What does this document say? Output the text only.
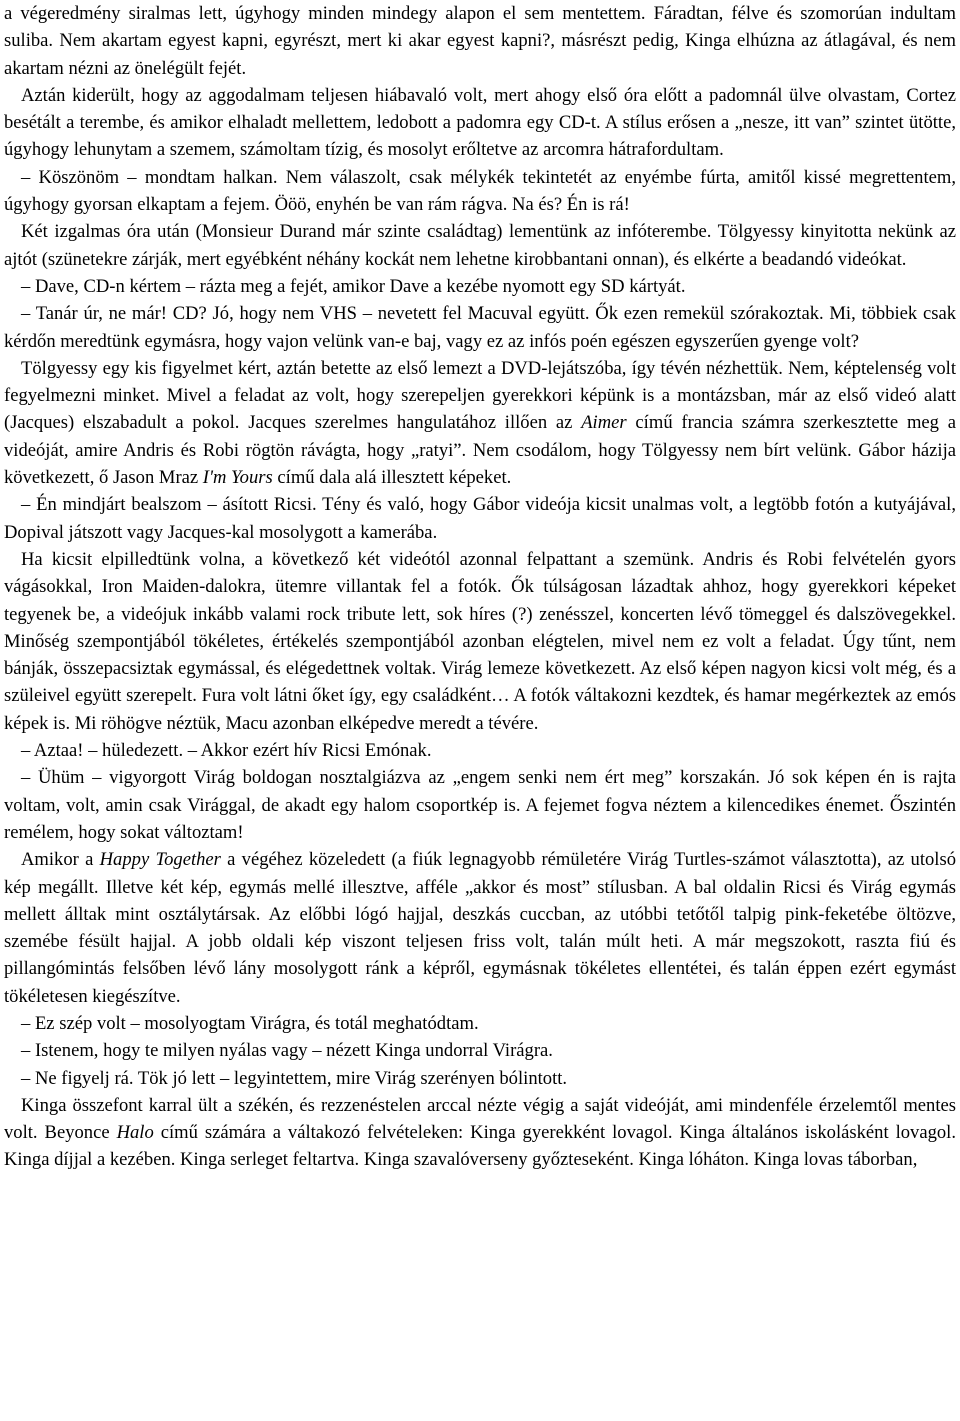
a végeredmény siralmas lett, úgyhogy minden mindegy alapon el sem mentettem. Fáradtan, félve és szomorúan indultam suliba. Nem akartam egyest kapni, egyrészt, mert ki akar egyest kapni?, másrészt pedig, Kinga elhúzna az átlagával, és nem akartam nézni az önelégült fejét.

Aztán kiderült, hogy az aggodalmam teljesen hiábavaló volt, mert ahogy első óra előtt a padomnál ülve olvastam, Cortez besétált a terembe, és amikor elhaladt mellettem, ledobott a padomra egy CD-t. A stílus erősen a „nesze, itt van” szintet ütötte, úgyhogy lehunytam a szemem, számoltam tízig, és mosolyt erőltetve az arcomra hátrafordultam.

– Köszönöm – mondtam halkan. Nem válaszolt, csak mélykék tekintetét az enyémbe fúrta, amitől kissé megrettentem, úgyhogy gyorsan elkaptam a fejem. Ööö, enyhén be van rám rágva. Na és? Én is rá!

Két izgalmas óra után (Monsieur Durand már szinte családtag) lementünk az infóterembe. Tölgyessy kinyitotta nekünk az ajtót (szünetekre zárják, mert egyébként néhány kockát nem lehetne kirobbantani onnan), és elkérte a beadandó videókat.

– Dave, CD-n kértem – rázta meg a fejét, amikor Dave a kezébe nyomott egy SD kártyát.

– Tanár úr, ne már! CD? Jó, hogy nem VHS – nevetett fel Macuval együtt. Ők ezen remekül szórakoztak. Mi, többiek csak kérdőn meredtünk egymásra, hogy vajon velünk van-e baj, vagy ez az infós poén egészen egyszerűen gyenge volt?

Tölgyessy egy kis figyelmet kért, aztán betette az első lemezt a DVD-lejátszóba, így tévén nézhettük. Nem, képtelenség volt fegyelmezni minket. Mivel a feladat az volt, hogy szerepeljen gyerekkori képünk is a montázsban, már az első videó alatt (Jacques) elszabadult a pokol. Jacques szerelmes hangulatához illően az Aimer című francia számra szerkesztette meg a videóját, amire Andris és Robi rögtön rávágta, hogy „ratyi”. Nem csodálom, hogy Tölgyessy nem bírt velünk. Gábor házija következett, ő Jason Mraz I'm Yours című dala alá illesztett képeket.

– Én mindjárt bealszom – ásított Ricsi. Tény és való, hogy Gábor videója kicsit unalmas volt, a legtöbb fotón a kutyájával, Dopival játszott vagy Jacques-kal mosolygott a kamerába.

Ha kicsit elpilledtünk volna, a következő két videótól azonnal felpattant a szemünk. Andris és Robi felvételén gyors vágásokkal, Iron Maiden-dalokra, ütemre villantak fel a fotók. Ők túlságosan lázadtak ahhoz, hogy gyerekkori képeket tegyenek be, a videójuk inkább valami rock tribute lett, sok híres (?) zenésszel, koncerten lévő tömeggel és dalszövegekkel. Minőség szempontjából tökéletes, értékelés szempontjából azonban elégtelen, mivel nem ez volt a feladat. Úgy tűnt, nem bánják, összepacsiztak egymással, és elégedettnek voltak. Virág lemeze következett. Az első képen nagyon kicsi volt még, és a szüleivel együtt szerepelt. Fura volt látni őket így, egy családként… A fotók váltakozni kezdtek, és hamar megérkeztek az emós képek is. Mi röhögve néztük, Macu azonban elképedve meredt a tévére.

– Aztaa! – hüledezett. – Akkor ezért hív Ricsi Emónak.

– Ühüm – vigyorgott Virág boldogan nosztalgiázva az „engem senki nem ért meg” korszakán. Jó sok képen én is rajta voltam, volt, amin csak Virággal, de akadt egy halom csoportkép is. A fejemet fogva néztem a kilencedikes énemet. Őszintén remélem, hogy sokat változtam!

Amikor a Happy Together a végéhez közeledett (a fiúk legnagyobb rémületére Virág Turtles-számot választotta), az utolsó kép megállt. Illetve két kép, egymás mellé illesztve, afféle „akkor és most” stílusban. A bal oldalin Ricsi és Virág egymás mellett álltak mint osztálytársak. Az előbbi lógó hajjal, deszkás cuccban, az utóbbi tetőtől talpig pink-feketébe öltözve, szemébe fésült hajjal. A jobb oldali kép viszont teljesen friss volt, talán múlt heti. A már megszokott, raszta fiú és pillangómintás felsőben lévő lány mosolygott ránk a képről, egymásnak tökéletes ellentétei, és talán éppen ezért egymást tökéletesen kiegészítve.

– Ez szép volt – mosolyogtam Virágra, és totál meghatódtam.

– Istenem, hogy te milyen nyálas vagy – nézett Kinga undorral Virágra.

– Ne figyelj rá. Tök jó lett – legyintettem, mire Virág szerényen bólintott.

Kinga összefont karral ült a székén, és rezzenéstelen arccal nézte végig a saját videóját, ami mindenféle érzelemtől mentes volt. Beyonce Halo című számára a váltakozó felvételeken: Kinga gyerekként lovagol. Kinga általános iskolásként lovagol. Kinga díjjal a kezében. Kinga serleget feltartva. Kinga szavalóverseny győzteseként. Kinga lóháton. Kinga lovas táborban,
